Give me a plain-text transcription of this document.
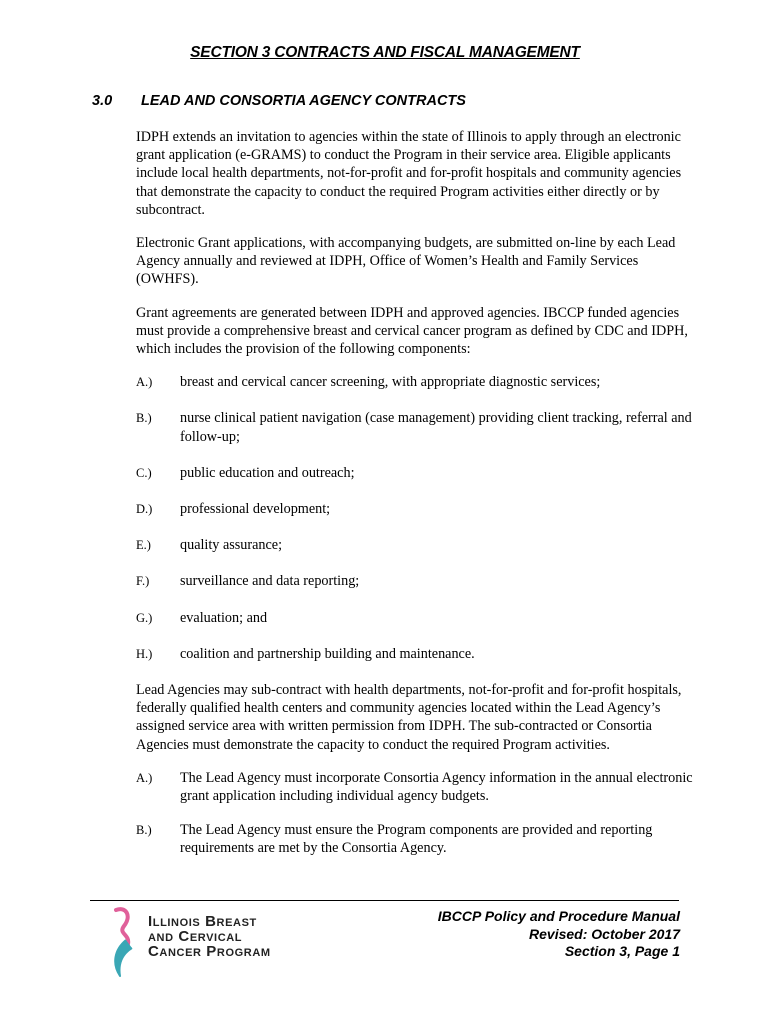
SECTION 3 CONTRACTS AND FISCAL MANAGEMENT
3.0 LEAD AND CONSORTIA AGENCY CONTRACTS

IDPH extends an invitation to agencies within the state of Illinois to apply through an electronic grant application (e-GRAMS) to conduct the Program in their service area. Eligible applicants include local health departments, not-for-profit and for-profit hospitals and community agencies that demonstrate the capacity to conduct the required Program activities either directly or by subcontract.

Electronic Grant applications, with accompanying budgets, are submitted on-line by each Lead Agency annually and reviewed at IDPH, Office of Women’s Health and Family Services (OWHFS).

Grant agreements are generated between IDPH and approved agencies. IBCCP funded agencies must provide a comprehensive breast and cervical cancer program as defined by CDC and IDPH, which includes the provision of the following components:

A.)	breast and cervical cancer screening, with appropriate diagnostic services;
B.)	nurse clinical patient navigation (case management) providing client tracking, referral and follow-up;
C.)	public education and outreach;
D.)	professional development;
E.)	quality assurance;
F.)	surveillance and data reporting;
G.)	evaluation; and
H.)	coalition and partnership building and maintenance.

Lead Agencies may sub-contract with health departments, not-for-profit and for-profit hospitals, federally qualified health centers and community agencies located within the Lead Agency’s assigned service area with written permission from IDPH. The sub-contracted or Consortia Agencies must demonstrate the capacity to conduct the required Program activities.

A.)	The Lead Agency must incorporate Consortia Agency information in the annual electronic grant application including individual agency budgets.
B.)	The Lead Agency must ensure the Program components are provided and reporting requirements are met by the Consortia Agency.
Illinois Breast
and Cervical
Cancer Program
IBCCP Policy and Procedure Manual
Revised: October 2017
Section 3, Page 1
